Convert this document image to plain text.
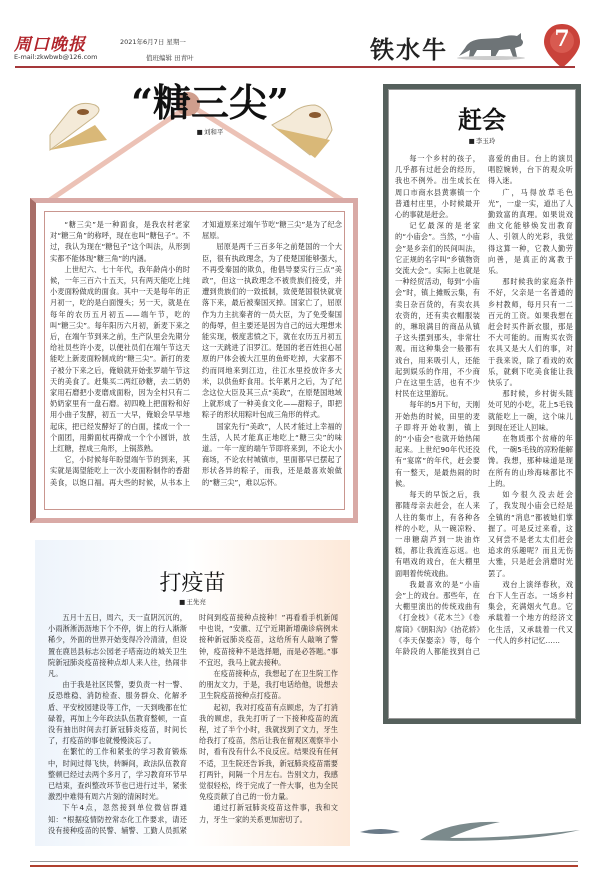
周口晚报
E-mail:zkwbwb@126.com
2021年6月7日 星期一
值班编辑 田青叶	铁水牛	7
“糖三尖”
■ 刘和平

“糖三尖”是一种面食，是我农村老家对“糖三角”的称呼，现在也叫“糖包子”。不过，我认为现在“糖包子”这个叫法，从形到实都不能体现“糖三角”的内涵。

上世纪六、七十年代，我年龄尚小的时候，一年三百六十五天，只有两天能吃上纯小麦面粉做成的面食。其中一天是每年的正月初一，吃的是白面馒头；另一天，就是在每年的农历五月初五——端午节，吃的叫“糖三尖”。每年阳历六月初，新麦下来之后，在端午节到来之前，生产队里会先期分给社员些许小麦，以便社员们在端午节这天能吃上新麦面粉制成的“糖三尖”。新打的麦子被分下来之后，俺娘就开始张罗端午节这天的美食了。赶集买二两红砂糖，去二奶奶家用石磨把小麦磨成面粉，因为全村只有二奶奶家里有一盘石磨。初四晚上把面粉和好用小曲子发酵，初五一大早，俺娘会早早地起床，把已经发酵好了的白面，揉成一个一个面团，用擀面杖再擀成一个个小圆饼，放上红糖，捏成三角形，上锅蒸熟。

它，小时候每年盼望端午节的到来，其实就是渴望能吃上一次小麦面粉制作的香甜美食，以饱口福。再大些的时候，从书本上才知道原来过端午节吃“糖三尖”是为了纪念屈原。

屈原是两千三百多年之前楚国的一个大臣，很有执政理念，为了使楚国能够强大，不再受秦国的欺负，他倡导要实行三点“美政”，但这一执政理念不被贵族们接受，并遭到贵族们的一致抵制，致使楚国很快就衰落下来，最后被秦国灭掉。国家亡了，屈原作为力主抗秦者的一员大臣，为了免受秦国的侮辱，但主要还是因为自己的远大理想未能实现，极度悲愤之下，就在农历五月初五这一天跳进了汨罗江。楚国的老百姓担心屈原的尸体会被大江里的鱼虾吃掉，大家都不约而同地来到江边，往江水里投放许多大米，以供鱼虾食用。长年累月之后，为了纪念这位大臣及其三点“美政”，在原楚国地域上就形成了一种美食文化——甜粽子，即把粽子的形状用粽叶包成三角形的样式。

国家先行“美政”，人民才能过上幸福的生活，人民才能真正地吃上“糖三尖”的味道。一年一度的端午节即将来到，不论大小商场，不论农村城镇市，里面都早已摆起了形状各异的粽子，而我，还是最喜欢娘做的“糖三尖”，难以忘怀。

赶会
■ 李玉玲

每一个乡村的孩子，几乎都有过赶会的经历，我也不例外。出生成长在周口市商水县黄寨镇一个普通村庄里，小时候最开心的事就是赶会。

记忆最深的是老家的“小庙会”。当然，“小庙会”是乡亲们的民间叫法，它正规的名字叫“乡镇物资交流大会”。实际上也就是一种经贸活动，每到“小庙会”时，镇上摊贩云集，有卖日杂百货的，有卖农具农资的，还有卖衣帽服装的，琳琅满目的商品从镇子这头摆到那头，非常壮观。而这种集会一般都有戏台，用来吸引人，还能起到娱乐的作用，不少商户在这里生活，也有不少村民在这里游玩。

每年的5月下旬，天刚开始热的时候，田里的麦子即将开始收割，镇上的“小庙会”也就开始热闹起来。上世纪90年代还没有“宴席”的年代，赶会要有一整天，是最热闹的时候。

每天的早饭之后，我都随母亲去赶会，在人来人往的集市上，有各种各样的小吃，从一碗凉粉、一串糖葫芦到一块油炸糕，都让我流连忘返。也有唱戏的戏台，在大棚里面唱着传统戏曲。

我最喜欢的是“小庙会”上的戏台。那些年，在大棚里演出的传统戏曲有《打金枝》《花木兰》《卷席筒》《朝阳沟》《抬花轿》《李天保娶亲》等，每个年龄段的人都能找到自己喜爱的曲目。台上的演员唱腔婉转，台下的观众听得入迷。

广，马得放草毛色光”，一虚一实，道出了人勤致富的真理。如果说戏曲文化能够焕发出教育人、引领人的光彩，我觉得这算一种，它教人勤劳向善，是真正的寓教于乐。

那时候我的家庭条件不好，父亲是一名普通的乡村教师，每月只有一二百元的工资。如果我想在赶会时买件新衣服，那是不大可能的。而购买农资农具又是大人们的事，对于我来说，除了看戏的欢乐，就剩下吃美食能让我快乐了。

那时候，乡村街头随处可见的小吃，花上5毛钱就能吃上一碗，这个味儿到现在还让人回味。

在物质那个贫瘠的年代，一碗5毛钱的凉粉能解馋。我想，那种味道是现在所有的山珍海味都比不上的。

如今很久没去赶会了，我发现小庙会已经是全镇的“消息”都被她们掌握了。可是反过来看，这又何尝不是老太太们赶会追求的乐趣呢？而且无伤大雅，只是赶会消磨时光罢了。

戏台上演绎春秋，戏台下人生百态。一场乡村集会，充满烟火气息。它承载着一个地方的经济文化生活，又承载着一代又一代人的乡村记忆……

打疫苗
■ 王先亮

五月十五日，周六，天一直阴沉沉的，小雨淅淅沥沥地下个不停，街上的行人渐渐稀少，外面的世界开始变得冷冷清清，但设置在鹿邑县标志公园老子塔南边的城关卫生院新冠肺炎疫苗接种点却人来人往，热闹非凡。

由于我是社区民警，要负责一村一警、反恐维稳、消防检查、服务群众、化解矛盾、平安校园建设等工作，一天到晚都在忙碌着，再加上今年政法队伍教育整顿，一直没有抽出时间去打新冠肺炎疫苗，时间长了，打疫苗的事也就慢慢淡忘了。

在繁忙的工作和紧张的学习教育锻炼中，时间过得飞快，转瞬间，政法队伍教育整顿已经过去两个多月了，学习教育环节早已结束，查纠整改环节也已进行过半，紧张激烈中难得有周六片刻的清闲时光。

下午4点，忽然接到单位微信群通知：“根据疫情防控常态化工作要求，请还没有接种疫苗的民警、辅警、工勤人员抓紧时间到疫苗接种点接种！”再看看手机新闻中也说，“安徽、辽宁近期新增确诊病例未接种新冠肺炎疫苗，这给所有人敲响了警钟，疫苗接种不是选择题，而是必答题。”事不宜迟，我马上就去接种。

在疫苗接种点，我想起了在卫生院工作的朋友文力，于是，我打电话给他，说想去卫生院疫苗接种点打疫苗。

起初，我对打疫苗有点顾虑，为了打消我的顾虑，我先打听了一下接种疫苗的流程，过了半个小时，我就找到了文力，牙生给我打了疫苗，然后让我在留观区观察半小时，看有没有什么不良反应。结果没有任何不适，卫生院还告诉我，新冠肺炎疫苗需要打两针，间隔一个月左右。告别文力，我感觉很轻松，终于完成了一件大事，也为全民免疫贡献了自己的一份力量。

通过打新冠肺炎疫苗这件事，我和文力，牙生一家的关系更加密切了。
